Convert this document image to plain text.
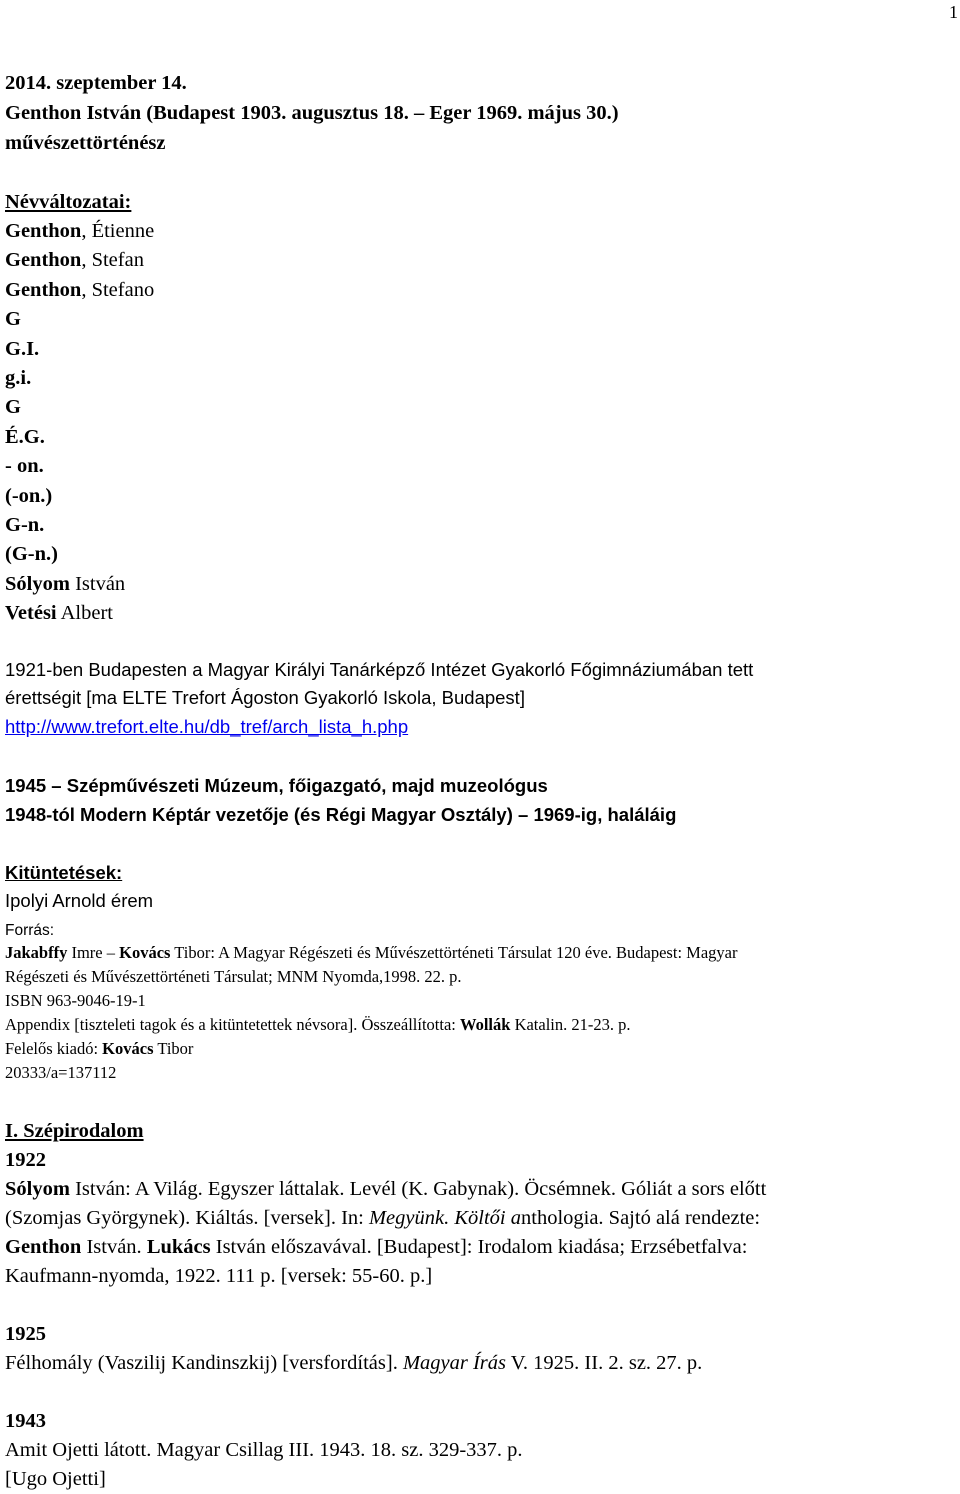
1
2014. szeptember 14.
Genthon István (Budapest 1903. augusztus 18. – Eger 1969. május 30.)
művészettörténész
Névváltozatai:
Genthon, Étienne
Genthon, Stefan
Genthon, Stefano
G
G.I.
g.i.
G
É.G.
- on.
(-on.)
G-n.
(G-n.)
Sólyom István
Vetési Albert
1921-ben Budapesten a Magyar Királyi Tanárképző Intézet Gyakorló Főgimnáziumában tett
érettségit [ma ELTE Trefort Ágoston Gyakorló Iskola, Budapest]
http://www.trefort.elte.hu/db_tref/arch_lista_h.php
1945 – Szépművészeti Múzeum, főigazgató, majd muzeológus
1948-tól Modern Képtár vezetője (és Régi Magyar Osztály) – 1969-ig, haláláig
Kitüntetések:
Ipolyi Arnold érem
Forrás:
Jakabffy Imre – Kovács Tibor: A Magyar Régészeti és Művészettörténeti Társulat 120 éve. Budapest: Magyar
Régészeti és Művészettörténeti Társulat; MNM Nyomda,1998. 22. p.
ISBN 963-9046-19-1
Appendix [tiszteleti tagok és a kitüntetettek névsora]. Összeállította: Wollák Katalin. 21-23. p.
Felelős kiadó: Kovács Tibor
20333/a=137112
I. Szépirodalom
1922
Sólyom István: A Világ. Egyszer láttalak. Levél (K. Gabynak). Öcsémnek. Góliát a sors előtt
(Szomjas Györgynek). Kiáltás. [versek]. In: Megyünk. Költői anthologia. Sajtó alá rendezte:
Genthon István. Lukács István előszavával. [Budapest]: Irodalom kiadása; Erzsébetfalva:
Kaufmann-nyomda, 1922. 111 p. [versek: 55-60. p.]
1925
Félhomály (Vaszilij Kandinszkij) [versfordítás]. Magyar Írás V. 1925. II. 2. sz. 27. p.
1943
Amit Ojetti látott. Magyar Csillag III. 1943. 18. sz. 329-337. p.
[Ugo Ojetti]
